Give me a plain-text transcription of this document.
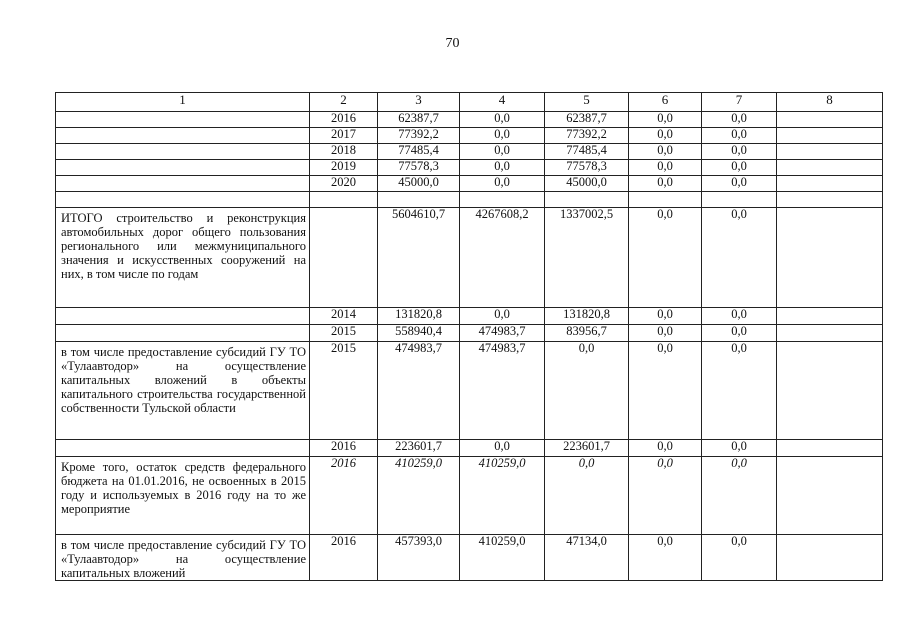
70
1	2	3	4	5	6	7	8
	2016	62387,7	0,0	62387,7	0,0	0,0	
	2017	77392,2	0,0	77392,2	0,0	0,0	
	2018	77485,4	0,0	77485,4	0,0	0,0	
	2019	77578,3	0,0	77578,3	0,0	0,0	
	2020	45000,0	0,0	45000,0	0,0	0,0	

ИТОГО строительство и реконструкция автомобильных дорог общего пользования регионального или межмуниципального значения и искусственных сооружений на них, в том числе по годам		5604610,7	4267608,2	1337002,5	0,0	0,0	
	2014	131820,8	0,0	131820,8	0,0	0,0	
	2015	558940,4	474983,7	83956,7	0,0	0,0	
в том числе предоставление субсидий ГУ ТО «Тулаавтодор» на осуществление капитальных вложений в объекты капитального строительства государственной собственности Тульской области	2015	474983,7	474983,7	0,0	0,0	0,0	
	2016	223601,7	0,0	223601,7	0,0	0,0	
Кроме того, остаток средств федерального бюджета на 01.01.2016, не освоенных в 2015 году и используемых в 2016 году на то же мероприятие	2016	410259,0	410259,0	0,0	0,0	0,0	
в том числе предоставление субсидий ГУ ТО «Тулаавтодор» на осуществление капитальных вложений	2016	457393,0	410259,0	47134,0	0,0	0,0	
